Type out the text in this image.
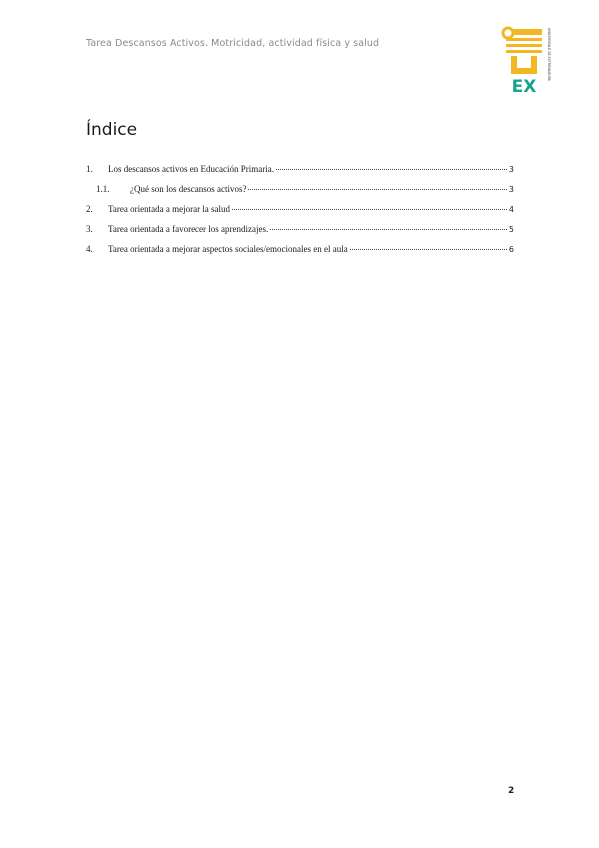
Tarea Descansos Activos. Motricidad, actividad física y salud
EX
UNIVERSIDAD DE EXTREMADURA
Índice
1.	Los descansos activos en Educación Primaria.	3
1.1.	¿Qué son los descansos activos?	3
2.	Tarea orientada a mejorar la salud	4
3.	Tarea orientada a favorecer los aprendizajes.	5
4.	Tarea orientada a mejorar aspectos sociales/emocionales en el aula	6
2
